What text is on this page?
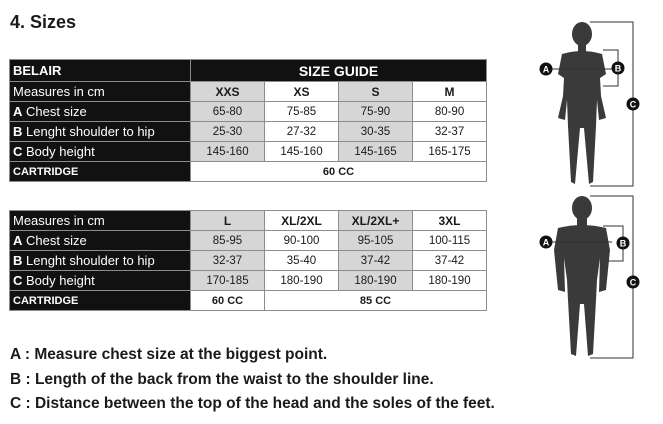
4. Sizes
BELAIR	SIZE GUIDE			
Measures in cm	XXS	XS	S	M
A Chest size	65-80	75-85	75-90	80-90
B Lenght shoulder to hip	25-30	27-32	30-35	32-37
C Body height	145-160	145-160	145-165	165-175
CARTRIDGE	60 CC			
Measures in cm	L	XL/2XL	XL/2XL+	3XL
A Chest size	85-95	90-100	95-105	100-115
B Lenght shoulder to hip	32-37	35-40	37-42	37-42
C Body height	170-185	180-190	180-190	180-190
CARTRIDGE	60 CC	85 CC		
A	B
C
A	B
C
A : Measure chest size at the biggest point.
B : Length of the back from the waist to the shoulder line.
C : Distance between the top of the head and the soles of the feet.
